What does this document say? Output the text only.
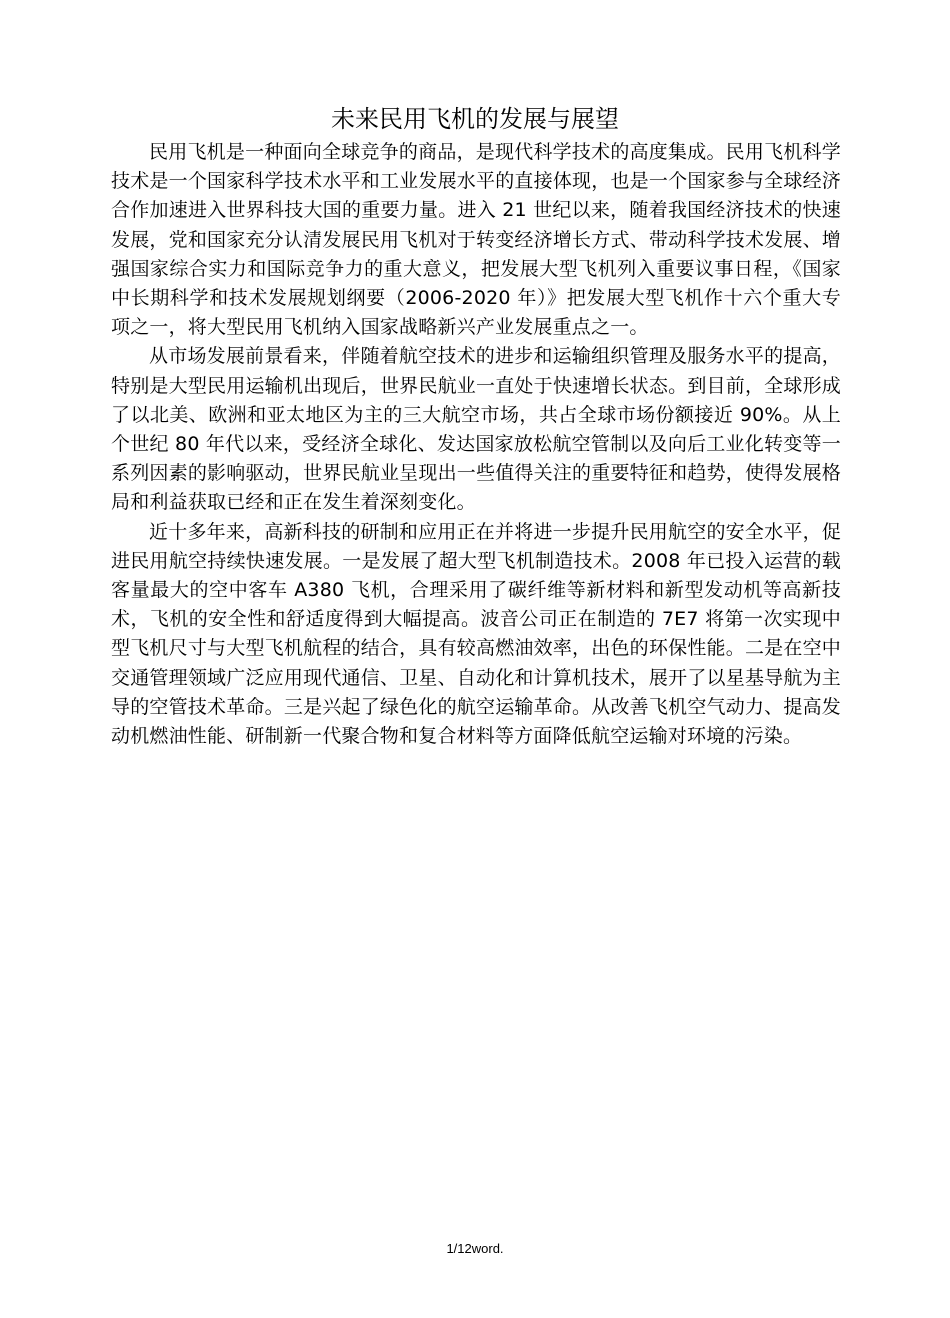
未来民用飞机的发展与展望

民用飞机是一种面向全球竞争的商品，是现代科学技术的高度集成。民用飞机科学技术是一个国家科学技术水平和工业发展水平的直接体现，也是一个国家参与全球经济合作加速进入世界科技大国的重要力量。进入 21 世纪以来，随着我国经济技术的快速发展，党和国家充分认清发展民用飞机对于转变经济增长方式、带动科学技术发展、增强国家综合实力和国际竞争力的重大意义，把发展大型飞机列入重要议事日程，《国家中长期科学和技术发展规划纲要（2006-2020 年）》把发展大型飞机作十六个重大专项之一，将大型民用飞机纳入国家战略新兴产业发展重点之一。

从市场发展前景看来，伴随着航空技术的进步和运输组织管理及服务水平的提高，特别是大型民用运输机出现后，世界民航业一直处于快速增长状态。到目前，全球形成了以北美、欧洲和亚太地区为主的三大航空市场，共占全球市场份额接近 90%。从上个世纪 80 年代以来，受经济全球化、发达国家放松航空管制以及向后工业化转变等一系列因素的影响驱动，世界民航业呈现出一些值得关注的重要特征和趋势，使得发展格局和利益获取已经和正在发生着深刻变化。

近十多年来，高新科技的研制和应用正在并将进一步提升民用航空的安全水平，促进民用航空持续快速发展。一是发展了超大型飞机制造技术。2008 年已投入运营的载客量最大的空中客车 A380 飞机，合理采用了碳纤维等新材料和新型发动机等高新技术，飞机的安全性和舒适度得到大幅提高。波音公司正在制造的 7E7 将第一次实现中型飞机尺寸与大型飞机航程的结合，具有较高燃油效率，出色的环保性能。二是在空中交通管理领域广泛应用现代通信、卫星、自动化和计算机技术，展开了以星基导航为主导的空管技术革命。三是兴起了绿色化的航空运输革命。从改善飞机空气动力、提高发动机燃油性能、研制新一代聚合物和复合材料等方面降低航空运输对环境的污染。

1/12word.
